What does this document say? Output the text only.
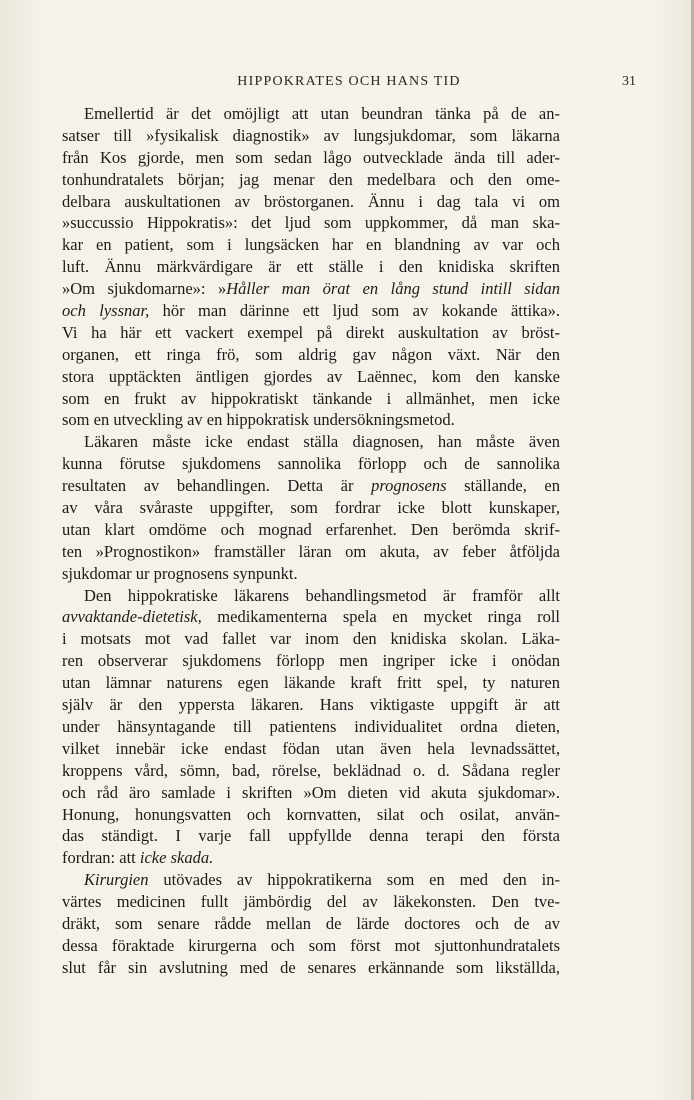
HIPPOKRATES OCH HANS TID	31
Emellertid är det omöjligt att utan beundran tänka på de an-
satser till »fysikalisk diagnostik» av lungsjukdomar, som läkarna
från Kos gjorde, men som sedan lågo outvecklade ända till ader-
tonhundratalets början; jag menar den medelbara och den ome-
delbara auskultationen av bröstorganen. Ännu i dag tala vi om
»succussio Hippokratis»: det ljud som uppkommer, då man ska-
kar en patient, som i lungsäcken har en blandning av var och
luft. Ännu märkvärdigare är ett ställe i den knidiska skriften
»Om sjukdomarne»: »Håller man örat en lång stund intill sidan
och lyssnar, hör man därinne ett ljud som av kokande ättika».
Vi ha här ett vackert exempel på direkt auskultation av bröst-
organen, ett ringa frö, som aldrig gav någon växt. När den
stora upptäckten äntligen gjordes av Laënnec, kom den kanske
som en frukt av hippokratiskt tänkande i allmänhet, men icke
som en utveckling av en hippokratisk undersökningsmetod.
Läkaren måste icke endast ställa diagnosen, han måste även
kunna förutse sjukdomens sannolika förlopp och de sannolika
resultaten av behandlingen. Detta är prognosens ställande, en
av våra svåraste uppgifter, som fordrar icke blott kunskaper,
utan klart omdöme och mognad erfarenhet. Den berömda skrif-
ten »Prognostikon» framställer läran om akuta, av feber åtföljda
sjukdomar ur prognosens synpunkt.
Den hippokratiske läkarens behandlingsmetod är framför allt
avvaktande-dietetisk, medikamenterna spela en mycket ringa roll
i motsats mot vad fallet var inom den knidiska skolan. Läka-
ren observerar sjukdomens förlopp men ingriper icke i onödan
utan lämnar naturens egen läkande kraft fritt spel, ty naturen
själv är den yppersta läkaren. Hans viktigaste uppgift är att
under hänsyntagande till patientens individualitet ordna dieten,
vilket innebär icke endast födan utan även hela levnadssättet,
kroppens vård, sömn, bad, rörelse, beklädnad o. d. Sådana regler
och råd äro samlade i skriften »Om dieten vid akuta sjukdomar».
Honung, honungsvatten och kornvatten, silat och osilat, använ-
das ständigt. I varje fall uppfyllde denna terapi den första
fordran: att icke skada.
Kirurgien utövades av hippokratikerna som en med den in-
värtes medicinen fullt jämbördig del av läkekonsten. Den tve-
dräkt, som senare rådde mellan de lärde doctores och de av
dessa föraktade kirurgerna och som först mot sjuttonhundratalets
slut får sin avslutning med de senares erkännande som likställda,
